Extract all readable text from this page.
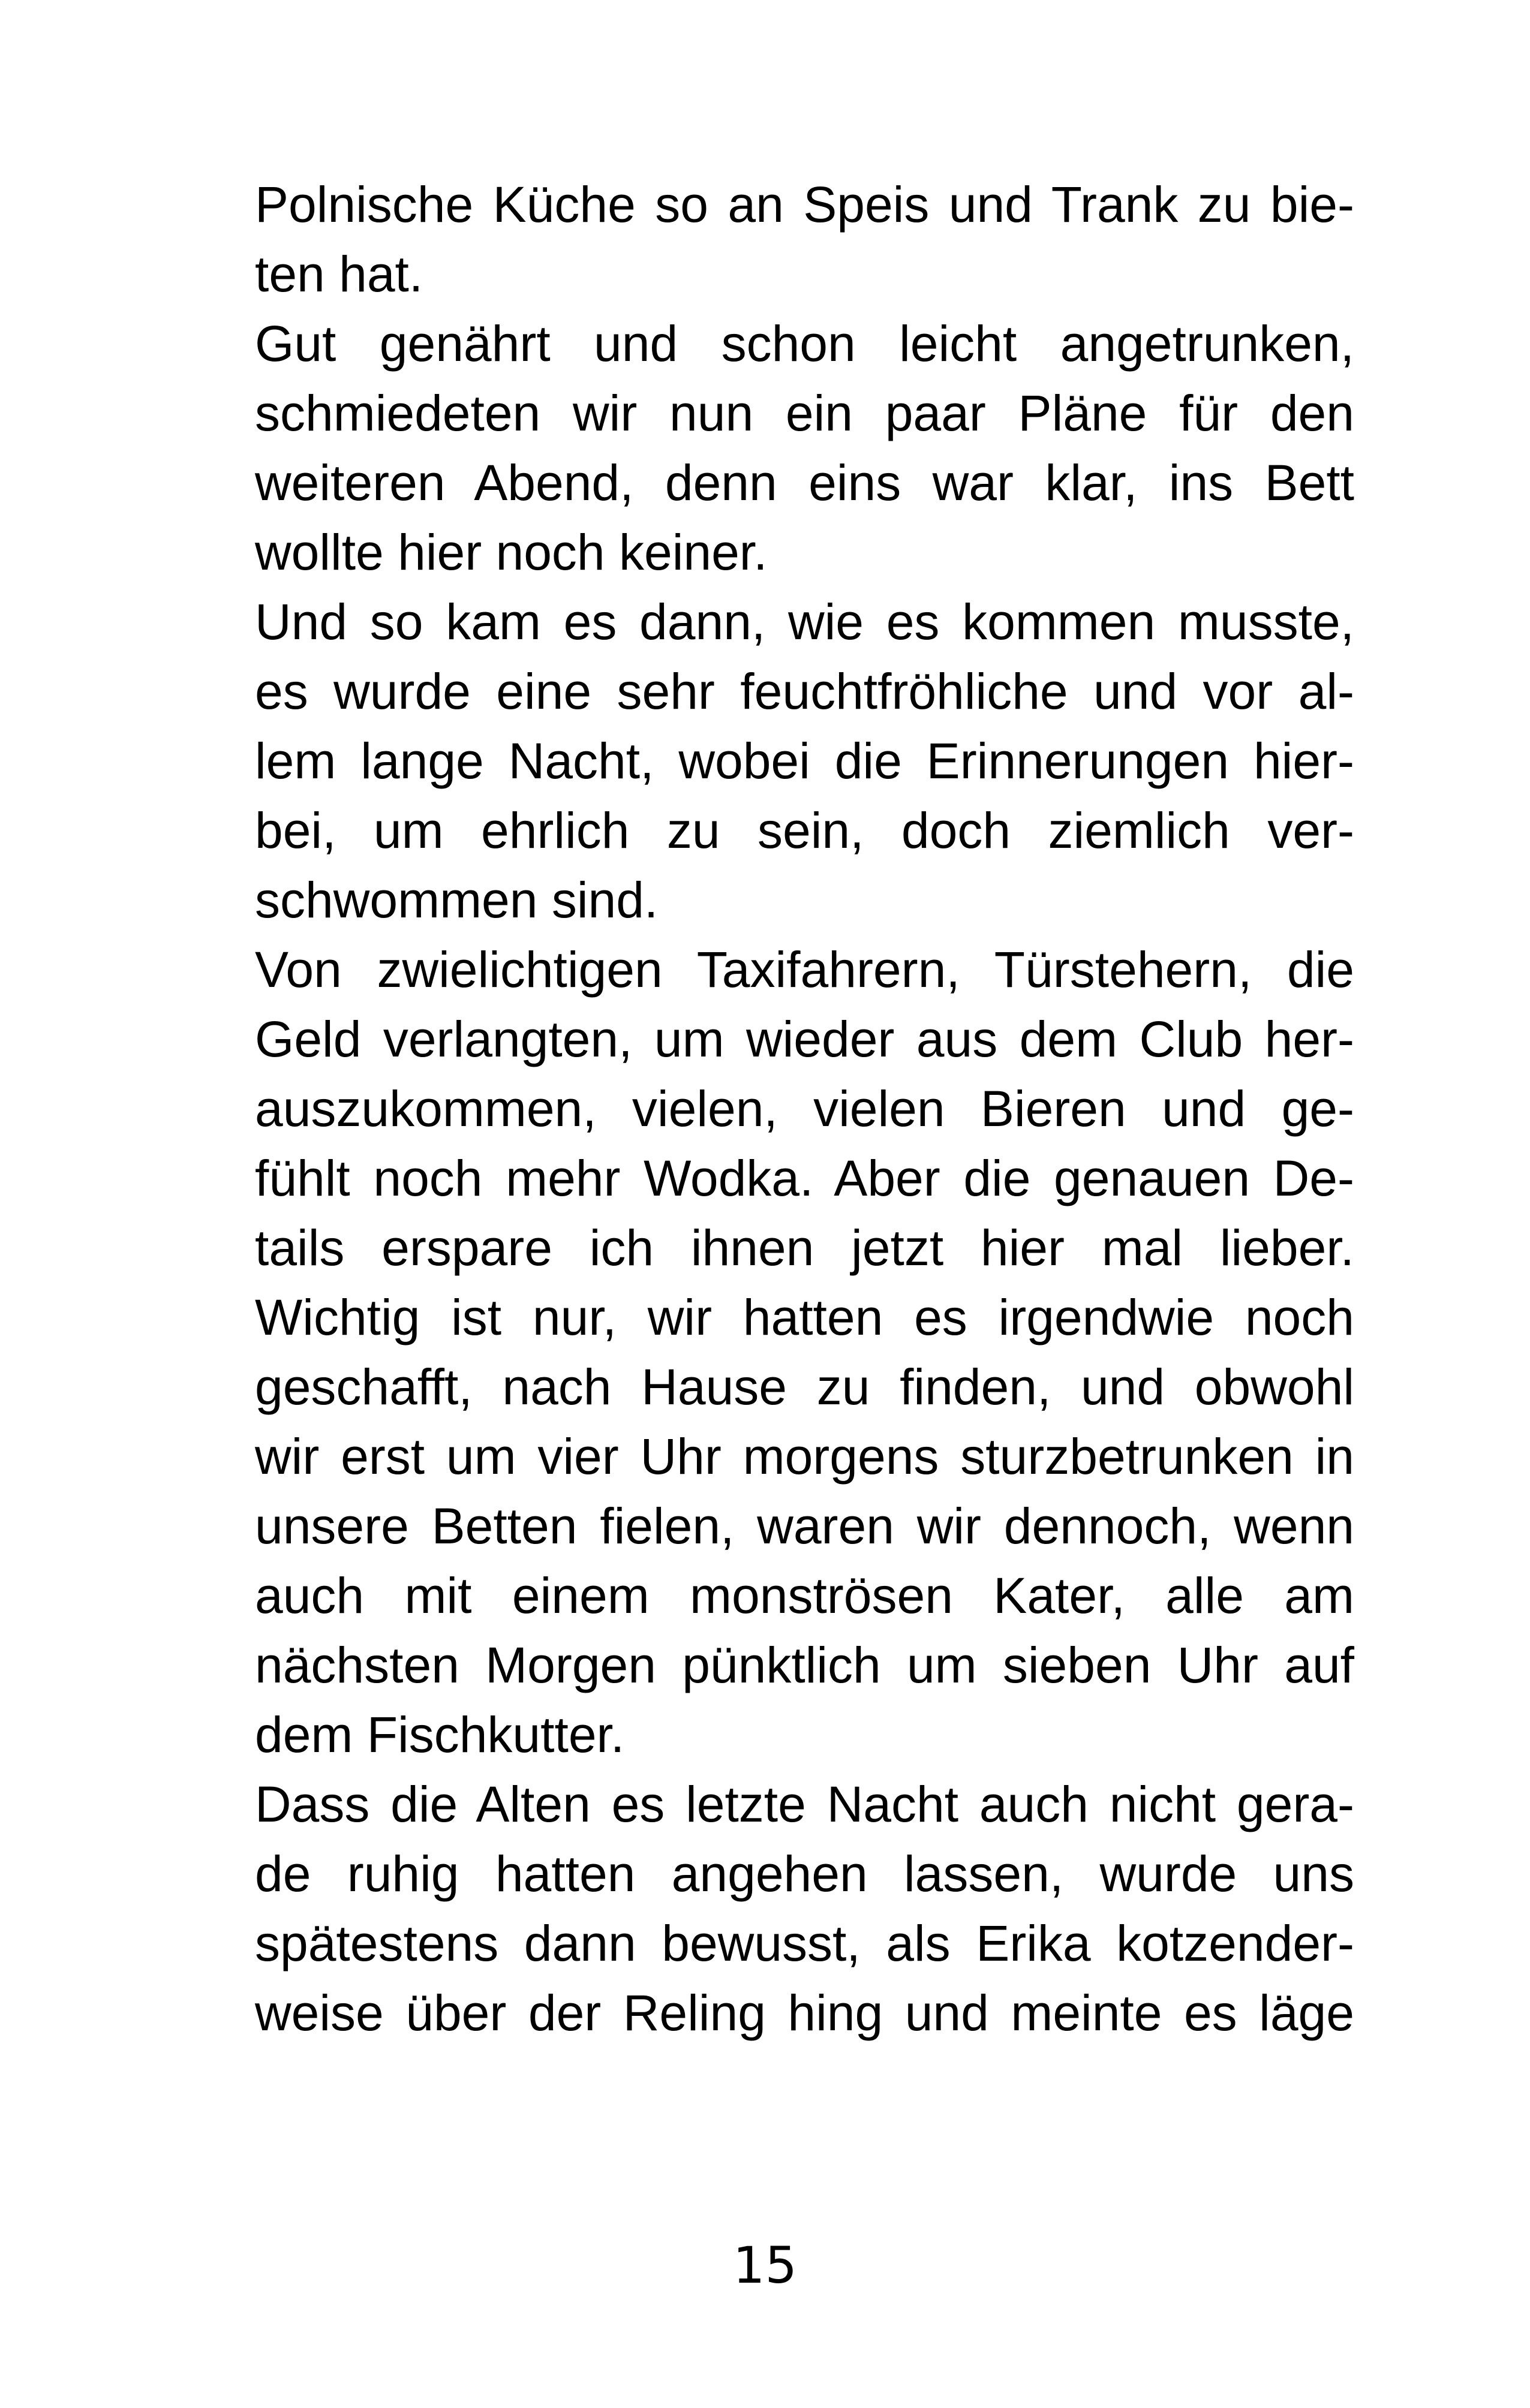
Polnische Küche so an Speis und Trank zu bie-
ten hat.
Gut genährt und schon leicht angetrunken,
schmiedeten wir nun ein paar Pläne für den
weiteren Abend, denn eins war klar, ins Bett
wollte hier noch keiner.
Und so kam es dann, wie es kommen musste,
es wurde eine sehr feuchtfröhliche und vor al-
lem lange Nacht, wobei die Erinnerungen hier-
bei, um ehrlich zu sein, doch ziemlich ver-
schwommen sind.
Von zwielichtigen Taxifahrern, Türstehern, die
Geld verlangten, um wieder aus dem Club her-
auszukommen, vielen, vielen Bieren und ge-
fühlt noch mehr Wodka. Aber die genauen De-
tails erspare ich ihnen jetzt hier mal lieber.
Wichtig ist nur, wir hatten es irgendwie noch
geschafft, nach Hause zu finden, und obwohl
wir erst um vier Uhr morgens sturzbetrunken in
unsere Betten fielen, waren wir dennoch, wenn
auch mit einem monströsen Kater, alle am
nächsten Morgen pünktlich um sieben Uhr auf
dem Fischkutter.
Dass die Alten es letzte Nacht auch nicht gera-
de ruhig hatten angehen lassen, wurde uns
spätestens dann bewusst, als Erika kotzender-
weise über der Reling hing und meinte es läge
15
